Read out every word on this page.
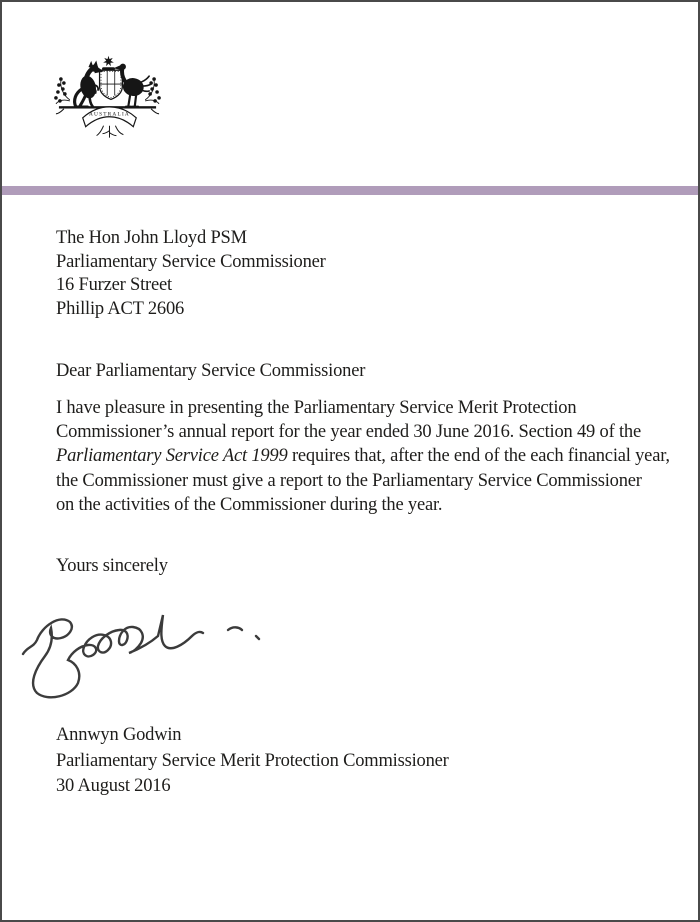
AUSTRALIA
The Hon John Lloyd PSM
Parliamentary Service Commissioner
16 Furzer Street
Phillip ACT 2606
Dear Parliamentary Service Commissioner
I have pleasure in presenting the Parliamentary Service Merit Protection
Commissioner’s annual report for the year ended 30 June 2016. Section 49 of the
Parliamentary Service Act 1999 requires that, after the end of the each financial year,
the Commissioner must give a report to the Parliamentary Service Commissioner
on the activities of the Commissioner during the year.
Yours sincerely
Annwyn Godwin
Parliamentary Service Merit Protection Commissioner
30 August 2016
